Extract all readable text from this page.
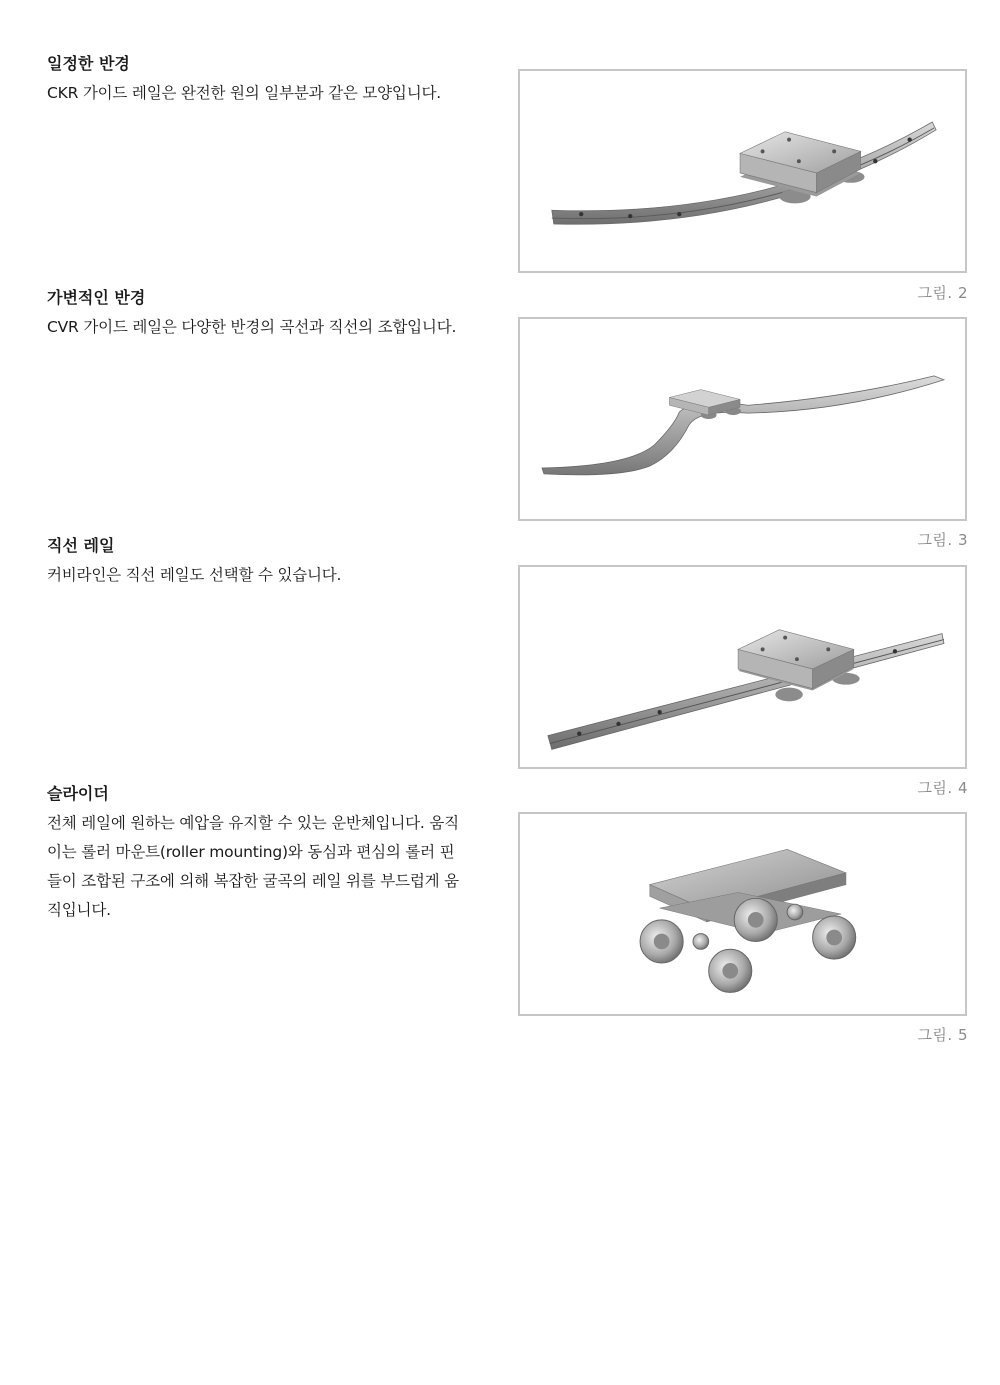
일정한 반경

CKR 가이드 레일은 완전한 원의 일부분과 같은 모양입니다.

가변적인 반경

CVR 가이드 레일은 다양한 반경의 곡선과 직선의 조합입니다.

직선 레일

커비라인은 직선 레일도 선택할 수 있습니다.

슬라이더

전체 레일에 원하는 예압을 유지할 수 있는 운반체입니다. 움직
이는 롤러 마운트(roller mounting)와 동심과 편심의 롤러 핀
들이 조합된 구조에 의해 복잡한 굴곡의 레일 위를 부드럽게 움
직입니다.

그림. 2
그림. 3
그림. 4
그림. 5
